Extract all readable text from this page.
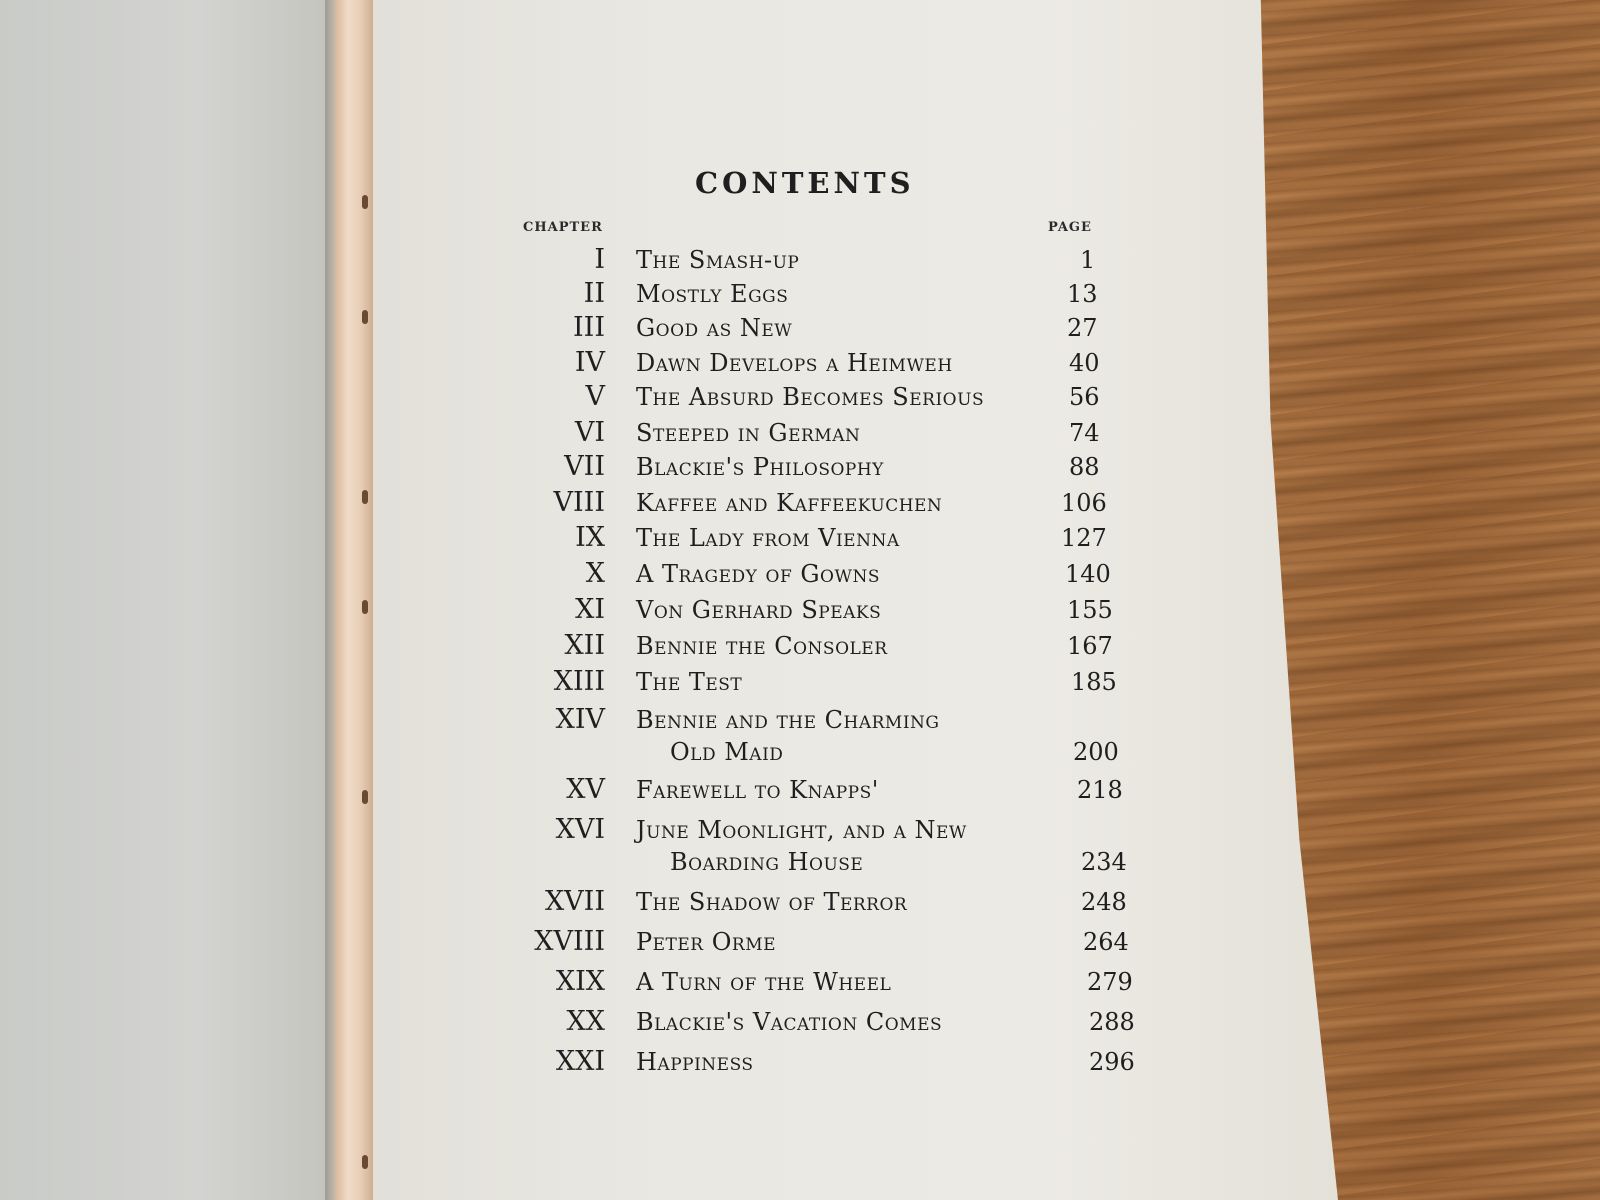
CONTENTS
CHAPTER	PAGE
I The Smash-up	1
II Mostly Eggs	13
III Good as New	27
IV Dawn Develops a Heimweh	40
V The Absurd Becomes Serious	56
VI Steeped in German	74
VII Blackie's Philosophy	88
VIII Kaffee and Kaffeekuchen	106
IX The Lady from Vienna	127
X A Tragedy of Gowns	140
XI Von Gerhard Speaks	155
XII Bennie the Consoler	167
XIII The Test	185
XIV Bennie and the Charming
Old Maid	200
XV Farewell to Knapps'	218
XVI June Moonlight, and a New
Boarding House	234
XVII The Shadow of Terror	248
XVIII Peter Orme	264
XIX A Turn of the Wheel	279
XX Blackie's Vacation Comes	288
XXI Happiness	296
